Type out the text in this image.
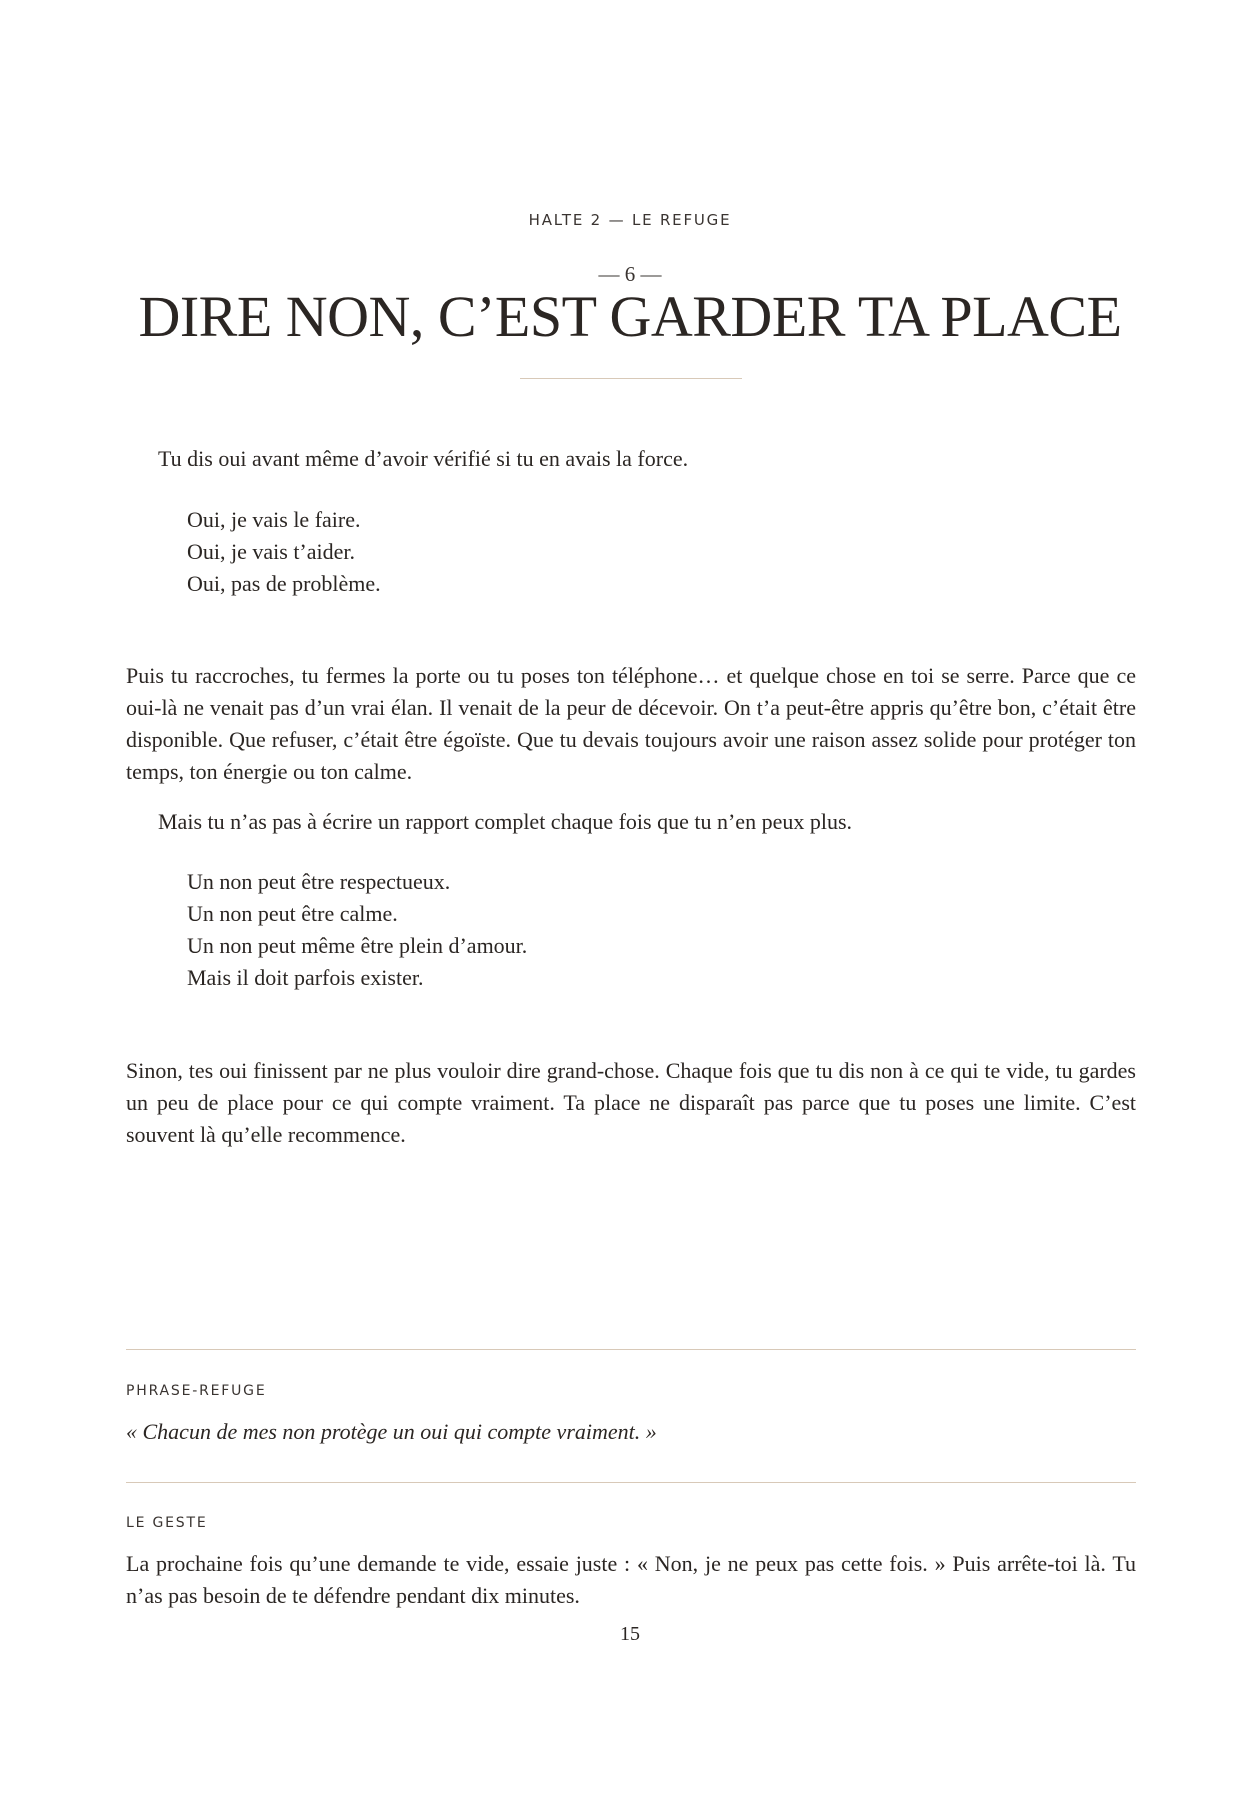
HALTE 2 — LE REFUGE
— 6 —
DIRE NON, C’EST GARDER TA PLACE

Tu dis oui avant même d’avoir vérifié si tu en avais la force.

Oui, je vais le faire.
Oui, je vais t’aider.
Oui, pas de problème.

Puis tu raccroches, tu fermes la porte ou tu poses ton téléphone… et quelque chose en toi se serre. Parce que ce oui-là ne venait pas d’un vrai élan. Il venait de la peur de décevoir. On t’a peut-être appris qu’être bon, c’était être disponible. Que refuser, c’était être égoïste. Que tu devais toujours avoir une raison assez solide pour protéger ton temps, ton énergie ou ton calme.

Mais tu n’as pas à écrire un rapport complet chaque fois que tu n’en peux plus.

Un non peut être respectueux.
Un non peut être calme.
Un non peut même être plein d’amour.
Mais il doit parfois exister.

Sinon, tes oui finissent par ne plus vouloir dire grand-chose. Chaque fois que tu dis non à ce qui te vide, tu gardes un peu de place pour ce qui compte vraiment. Ta place ne disparaît pas parce que tu poses une limite. C’est souvent là qu’elle recommence.

PHRASE-REFUGE

« Chacun de mes non protège un oui qui compte vraiment. »

LE GESTE

La prochaine fois qu’une demande te vide, essaie juste : « Non, je ne peux pas cette fois. » Puis arrête-toi là. Tu n’as pas besoin de te défendre pendant dix minutes.

15
